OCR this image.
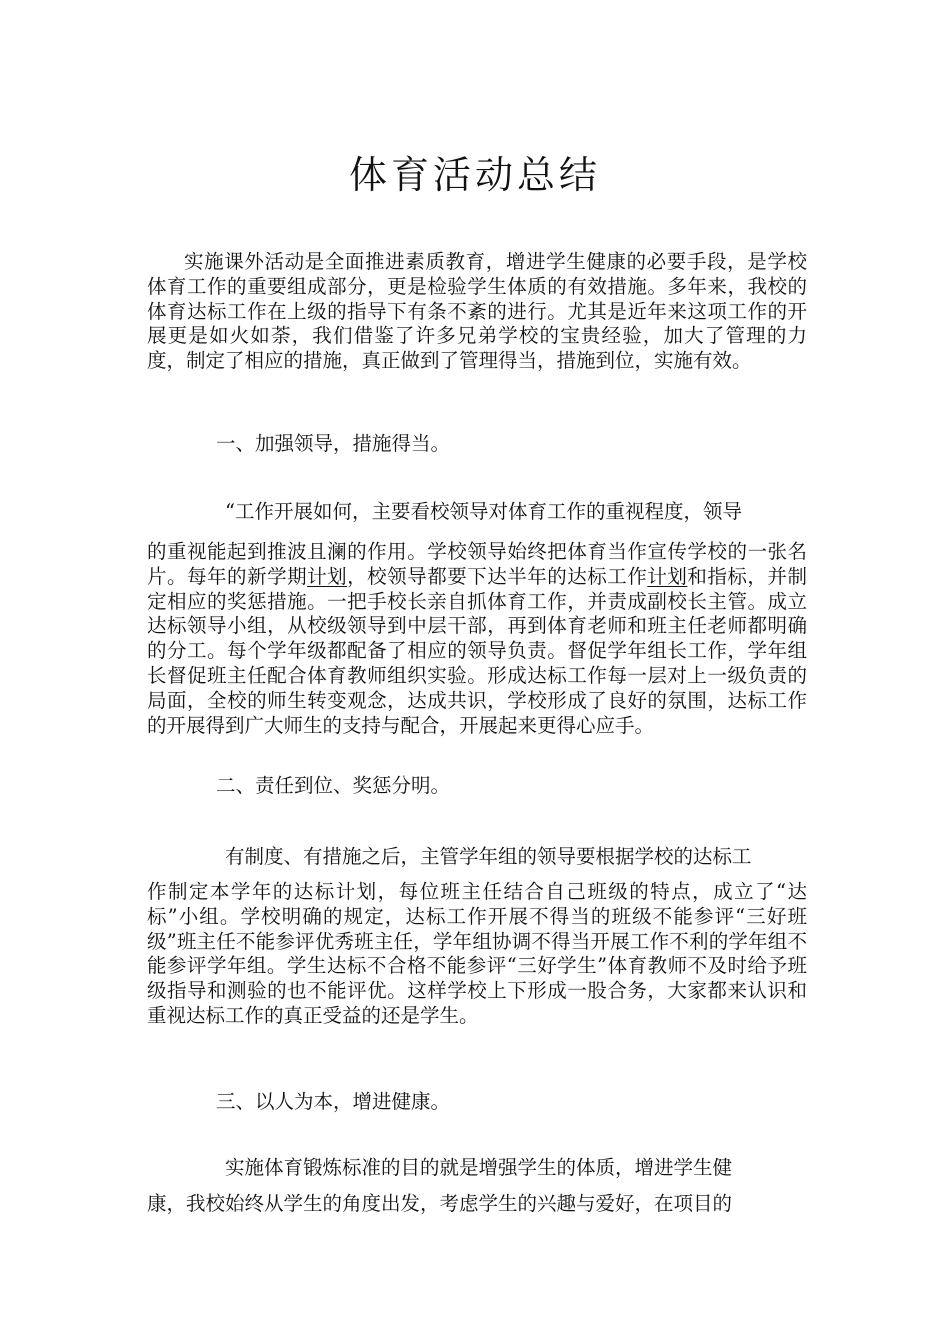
体育活动总结

实施课外活动是全面推进素质教育，增进学生健康的必要手段，是学校体育工作的重要组成部分，更是检验学生体质的有效措施。多年来，我校的体育达标工作在上级的指导下有条不紊的进行。尤其是近年来这项工作的开展更是如火如荼，我们借鉴了许多兄弟学校的宝贵经验，加大了管理的力度，制定了相应的措施，真正做到了管理得当，措施到位，实施有效。

一、加强领导，措施得当。

“工作开展如何，主要看校领导对体育工作的重视程度，领导

的重视能起到推波且澜的作用。学校领导始终把体育当作宣传学校的一张名片。每年的新学期计划，校领导都要下达半年的达标工作计划和指标，并制定相应的奖惩措施。一把手校长亲自抓体育工作，并责成副校长主管。成立达标领导小组，从校级领导到中层干部，再到体育老师和班主任老师都明确的分工。每个学年级都配备了相应的领导负责。督促学年组长工作，学年组长督促班主任配合体育教师组织实验。形成达标工作每一层对上一级负责的局面，全校的师生转变观念，达成共识，学校形成了良好的氛围，达标工作的开展得到广大师生的支持与配合，开展起来更得心应手。

二、责任到位、奖惩分明。

有制度、有措施之后，主管学年组的领导要根据学校的达标工

作制定本学年的达标计划，每位班主任结合自己班级的特点，成立了“达标”小组。学校明确的规定，达标工作开展不得当的班级不能参评“三好班级”班主任不能参评优秀班主任，学年组协调不得当开展工作不利的学年组不能参评学年组。学生达标不合格不能参评“三好学生”体育教师不及时给予班级指导和测验的也不能评优。这样学校上下形成一股合务，大家都来认识和重视达标工作的真正受益的还是学生。

三、以人为本，增进健康。

实施体育锻炼标准的目的就是增强学生的体质，增进学生健

康，我校始终从学生的角度出发，考虑学生的兴趣与爱好，在项目的
